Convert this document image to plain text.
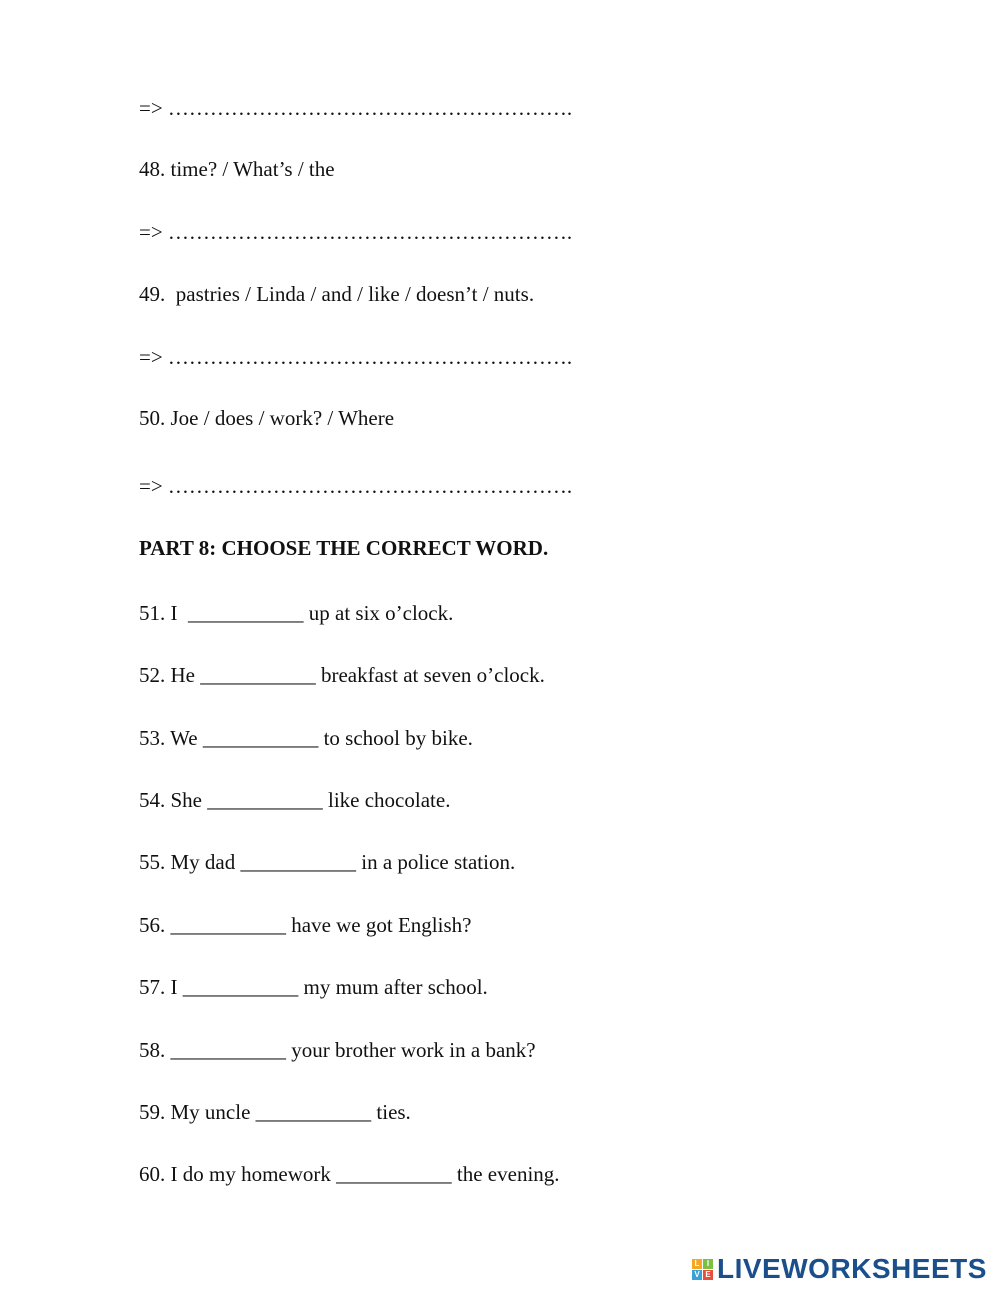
=> ………………………………………………….
48. time? / What’s / the
=> ………………………………………………….
49.  pastries / Linda / and / like / doesn’t / nuts.
=> ………………………………………………….
50. Joe / does / work? / Where
=> ………………………………………………….
PART 8: CHOOSE THE CORRECT WORD.
51. I  ___________ up at six o’clock.
52. He ___________ breakfast at seven o’clock.
53. We ___________ to school by bike.
54. She ___________ like chocolate.
55. My dad ___________ in a police station.
56. ___________ have we got English?
57. I ___________ my mum after school.
58. ___________ your brother work in a bank?
59. My uncle ___________ ties.
60. I do my homework ___________ the evening.
L I
V E LIVEWORKSHEETS
